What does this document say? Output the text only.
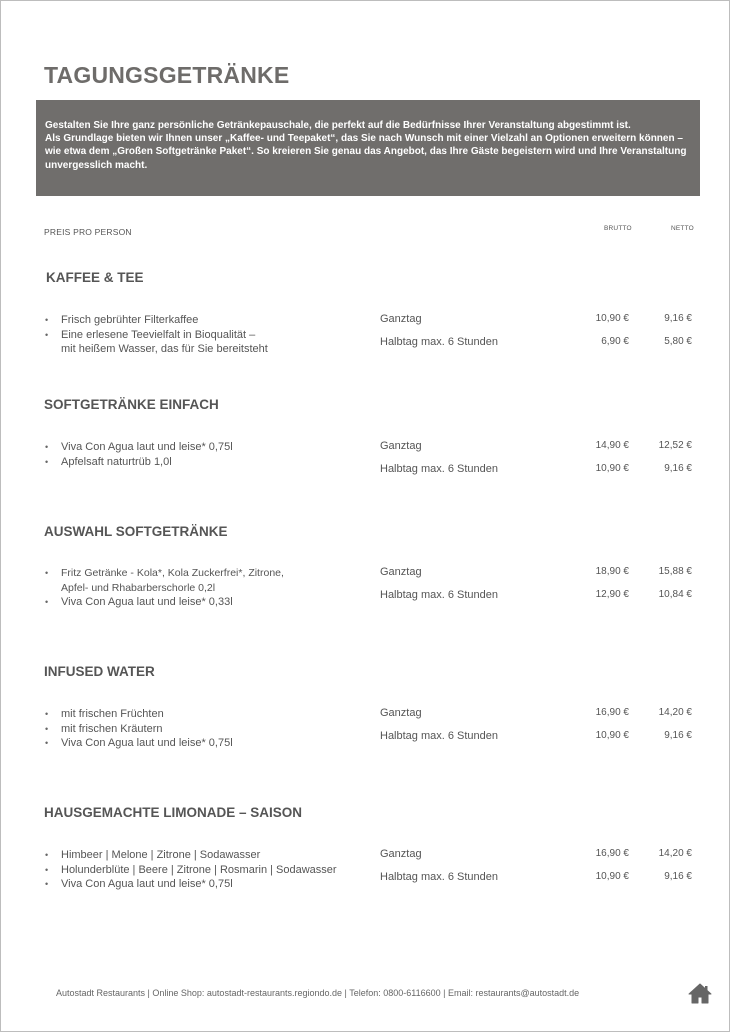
TAGUNGSGETRÄNKE
Gestalten Sie Ihre ganz persönliche Getränkepauschale, die perfekt auf die Bedürfnisse Ihrer Veranstaltung abgestimmt ist.
Als Grundlage bieten wir Ihnen unser „Kaffee- und Teepaket“, das Sie nach Wunsch mit einer Vielzahl an Optionen erweitern können –
wie etwa dem „Großen Softgetränke Paket“. So kreieren Sie genau das Angebot, das Ihre Gäste begeistern wird und Ihre Veranstaltung
unvergesslich macht.
PREIS PRO PERSON	BRUTTO	NETTO
KAFFEE & TEE
• Frisch gebrühter Filterkaffee
• Eine erlesene Teevielfalt in Bioqualität –
mit heißem Wasser, das für Sie bereitsteht
Ganztag	10,90 €	9,16 €
Halbtag max. 6 Stunden	6,90 €	5,80 €
SOFTGETRÄNKE EINFACH
• Viva Con Agua laut und leise* 0,75l
• Apfelsaft naturtrüb 1,0l
Ganztag	14,90 €	12,52 €
Halbtag max. 6 Stunden	10,90 €	9,16 €
AUSWAHL SOFTGETRÄNKE
• Fritz Getränke - Kola*, Kola Zuckerfrei*, Zitrone,
Apfel- und Rhabarberschorle 0,2l
• Viva Con Agua laut und leise* 0,33l
Ganztag	18,90 €	15,88 €
Halbtag max. 6 Stunden	12,90 €	10,84 €
INFUSED WATER
• mit frischen Früchten
• mit frischen Kräutern
• Viva Con Agua laut und leise* 0,75l
Ganztag	16,90 €	14,20 €
Halbtag max. 6 Stunden	10,90 €	9,16 €
HAUSGEMACHTE LIMONADE – SAISON
• Himbeer | Melone | Zitrone | Sodawasser
• Holunderblüte | Beere | Zitrone | Rosmarin | Sodawasser
• Viva Con Agua laut und leise* 0,75l
Ganztag	16,90 €	14,20 €
Halbtag max. 6 Stunden	10,90 €	9,16 €
Autostadt Restaurants | Online Shop: autostadt-restaurants.regiondo.de | Telefon: 0800-6116600 | Email: restaurants@autostadt.de
